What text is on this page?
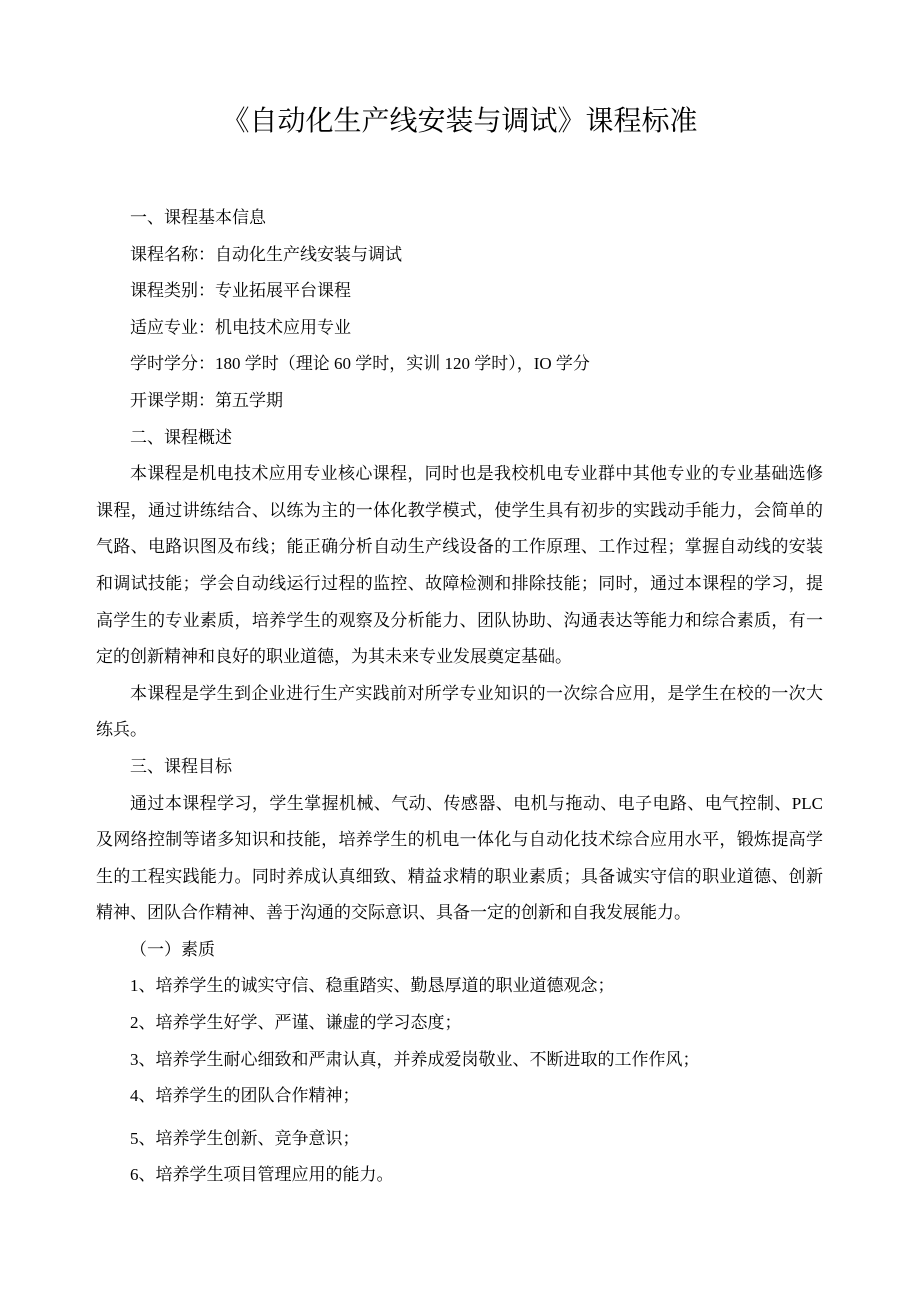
《自动化生产线安装与调试》课程标准
一、课程基本信息
课程名称：自动化生产线安装与调试
课程类别：专业拓展平台课程
适应专业：机电技术应用专业
学时学分：180 学时（理论 60 学时，实训 120 学时），IO 学分
开课学期：第五学期
二、课程概述

本课程是机电技术应用专业核心课程，同时也是我校机电专业群中其他专业的专业基础选修课程，通过讲练结合、以练为主的一体化教学模式，使学生具有初步的实践动手能力，会简单的气路、电路识图及布线；能正确分析自动生产线设备的工作原理、工作过程；掌握自动线的安装和调试技能；学会自动线运行过程的监控、故障检测和排除技能；同时，通过本课程的学习，提高学生的专业素质，培养学生的观察及分析能力、团队协助、沟通表达等能力和综合素质，有一定的创新精神和良好的职业道德，为其未来专业发展奠定基础。

本课程是学生到企业进行生产实践前对所学专业知识的一次综合应用，是学生在校的一次大练兵。

三、课程目标

通过本课程学习，学生掌握机械、气动、传感器、电机与拖动、电子电路、电气控制、PLC及网络控制等诸多知识和技能，培养学生的机电一体化与自动化技术综合应用水平，锻炼提高学生的工程实践能力。同时养成认真细致、精益求精的职业素质；具备诚实守信的职业道德、创新精神、团队合作精神、善于沟通的交际意识、具备一定的创新和自我发展能力。

（一）素质
1、培养学生的诚实守信、稳重踏实、勤恳厚道的职业道德观念；
2、培养学生好学、严谨、谦虚的学习态度；
3、培养学生耐心细致和严肃认真，并养成爱岗敬业、不断进取的工作作风；
4、培养学生的团队合作精神；
5、培养学生创新、竞争意识；
6、培养学生项目管理应用的能力。
